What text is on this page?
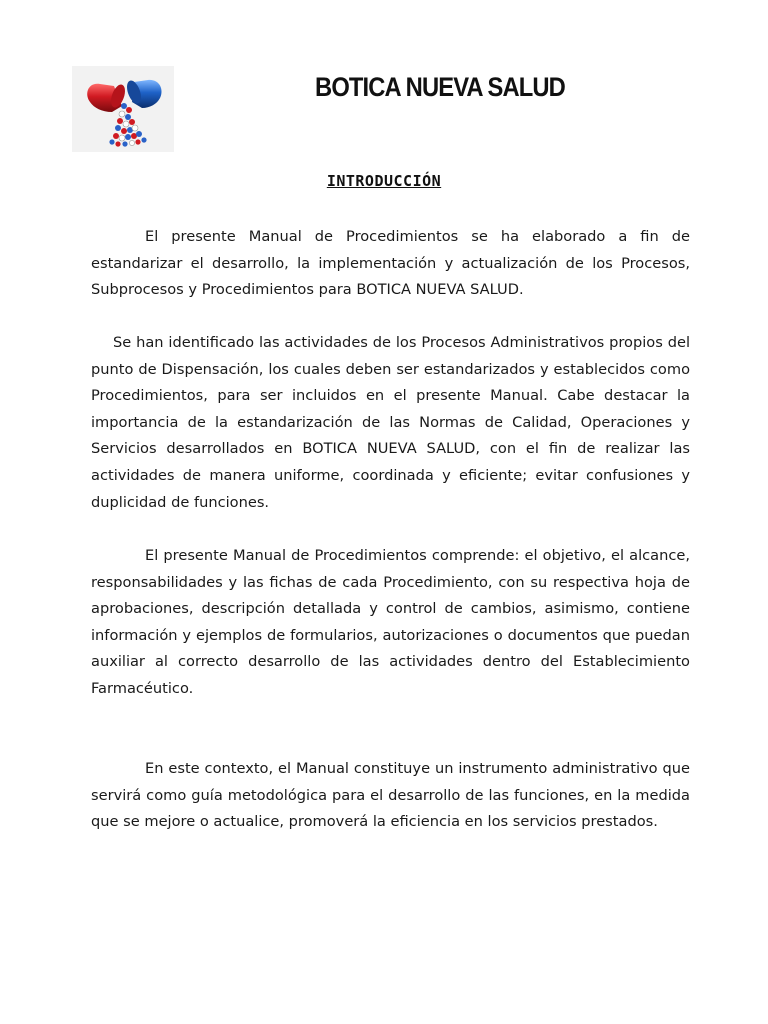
BOTICA NUEVA SALUD
INTRODUCCIÓN

El presente Manual de Procedimientos se ha elaborado a fin de estandarizar el desarrollo, la implementación y actualización de los Procesos, Subprocesos y Procedimientos para BOTICA NUEVA SALUD.

Se han identificado las actividades de los Procesos Administrativos propios del punto de Dispensación, los cuales deben ser estandarizados y establecidos como Procedimientos, para ser incluidos en el presente Manual. Cabe destacar la importancia de la estandarización de las Normas de Calidad, Operaciones y Servicios desarrollados en BOTICA NUEVA SALUD, con el fin de realizar las actividades de manera uniforme, coordinada y eficiente; evitar confusiones y duplicidad de funciones.

El presente Manual de Procedimientos comprende: el objetivo, el alcance, responsabilidades y las fichas de cada Procedimiento, con su respectiva hoja de aprobaciones, descripción detallada y control de cambios, asimismo, contiene información y ejemplos de formularios, autorizaciones o documentos que puedan auxiliar al correcto desarrollo de las actividades dentro del Establecimiento Farmacéutico.

En este contexto, el Manual constituye un instrumento administrativo que servirá como guía metodológica para el desarrollo de las funciones, en la medida que se mejore o actualice, promoverá la eficiencia en los servicios prestados.
